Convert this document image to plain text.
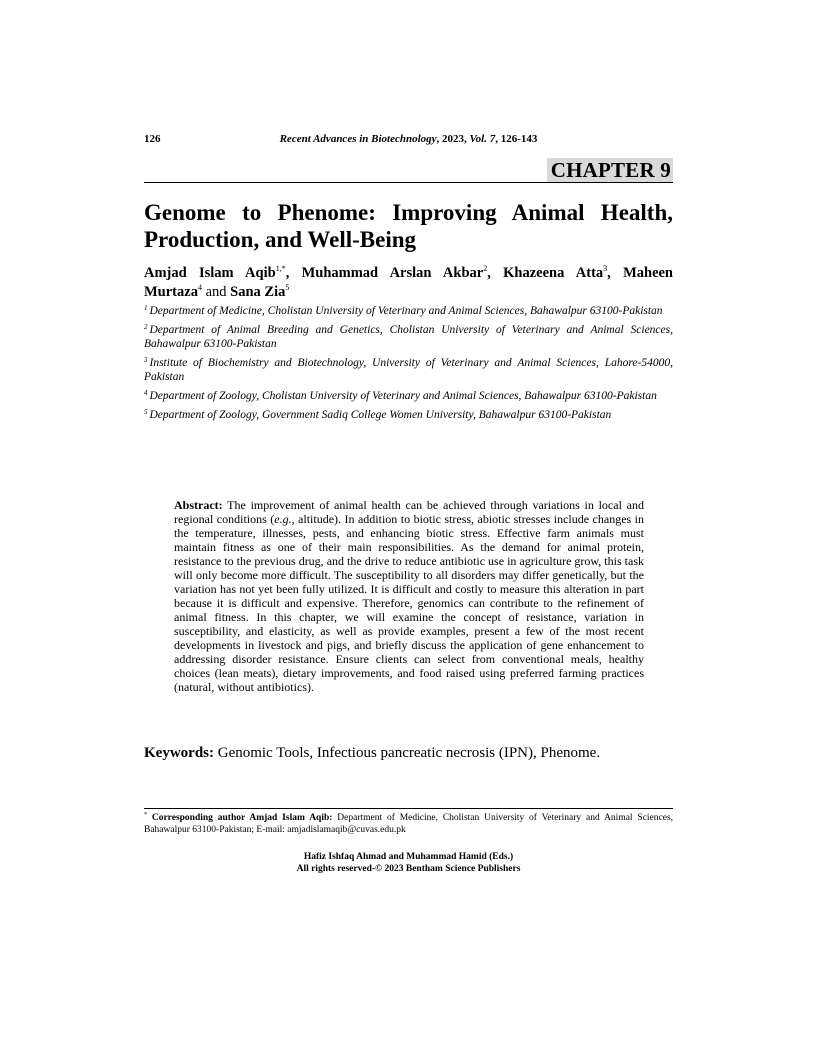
126	Recent Advances in Biotechnology, 2023, Vol. 7, 126-143
CHAPTER 9
Genome to Phenome: Improving Animal Health,
Production, and Well-Being
Amjad Islam Aqib$^{1,*}$, Muhammad Arslan Akbar$^2$, Khazeena Atta$^3$, Maheen
Murtaza$^4$ and Sana Zia$^5$
$^1$ Department of Medicine, Cholistan University of Veterinary and Animal Sciences, Bahawalpur 63100-Pakistan
$^2$ Department of Animal Breeding and Genetics, Cholistan University of Veterinary and Animal Sciences, Bahawalpur 63100-Pakistan
$^3$ Institute of Biochemistry and Biotechnology, University of Veterinary and Animal Sciences, Lahore-54000, Pakistan
$^4$ Department of Zoology, Cholistan University of Veterinary and Animal Sciences, Bahawalpur 63100-Pakistan
$^5$ Department of Zoology, Government Sadiq College Women University, Bahawalpur 63100-Pakistan
Abstract: The improvement of animal health can be achieved through variations in local and regional conditions (e.g., altitude). In addition to biotic stress, abiotic stresses include changes in the temperature, illnesses, pests, and enhancing biotic stress. Effective farm animals must maintain fitness as one of their main responsibilities. As the demand for animal protein, resistance to the previous drug, and the drive to reduce antibiotic use in agriculture grow, this task will only become more difficult. The susceptibility to all disorders may differ genetically, but the variation has not yet been fully utilized. It is difficult and costly to measure this alteration in part because it is difficult and expensive. Therefore, genomics can contribute to the refinement of animal fitness. In this chapter, we will examine the concept of resistance, variation in susceptibility, and elasticity, as well as provide examples, present a few of the most recent developments in livestock and pigs, and briefly discuss the application of gene enhancement to addressing disorder resistance. Ensure clients can select from conventional meals, healthy choices (lean meats), dietary improvements, and food raised using preferred farming practices (natural, without antibiotics).
Keywords: Genomic Tools, Infectious pancreatic necrosis (IPN), Phenome.
* Corresponding author Amjad Islam Aqib: Department of Medicine, Cholistan University of Veterinary and Animal Sciences, Bahawalpur 63100-Pakistan; E-mail: amjadislamaqib@cuvas.edu.pk
Hafiz Ishfaq Ahmad and Muhammad Hamid (Eds.)
All rights reserved-© 2023 Bentham Science Publishers
